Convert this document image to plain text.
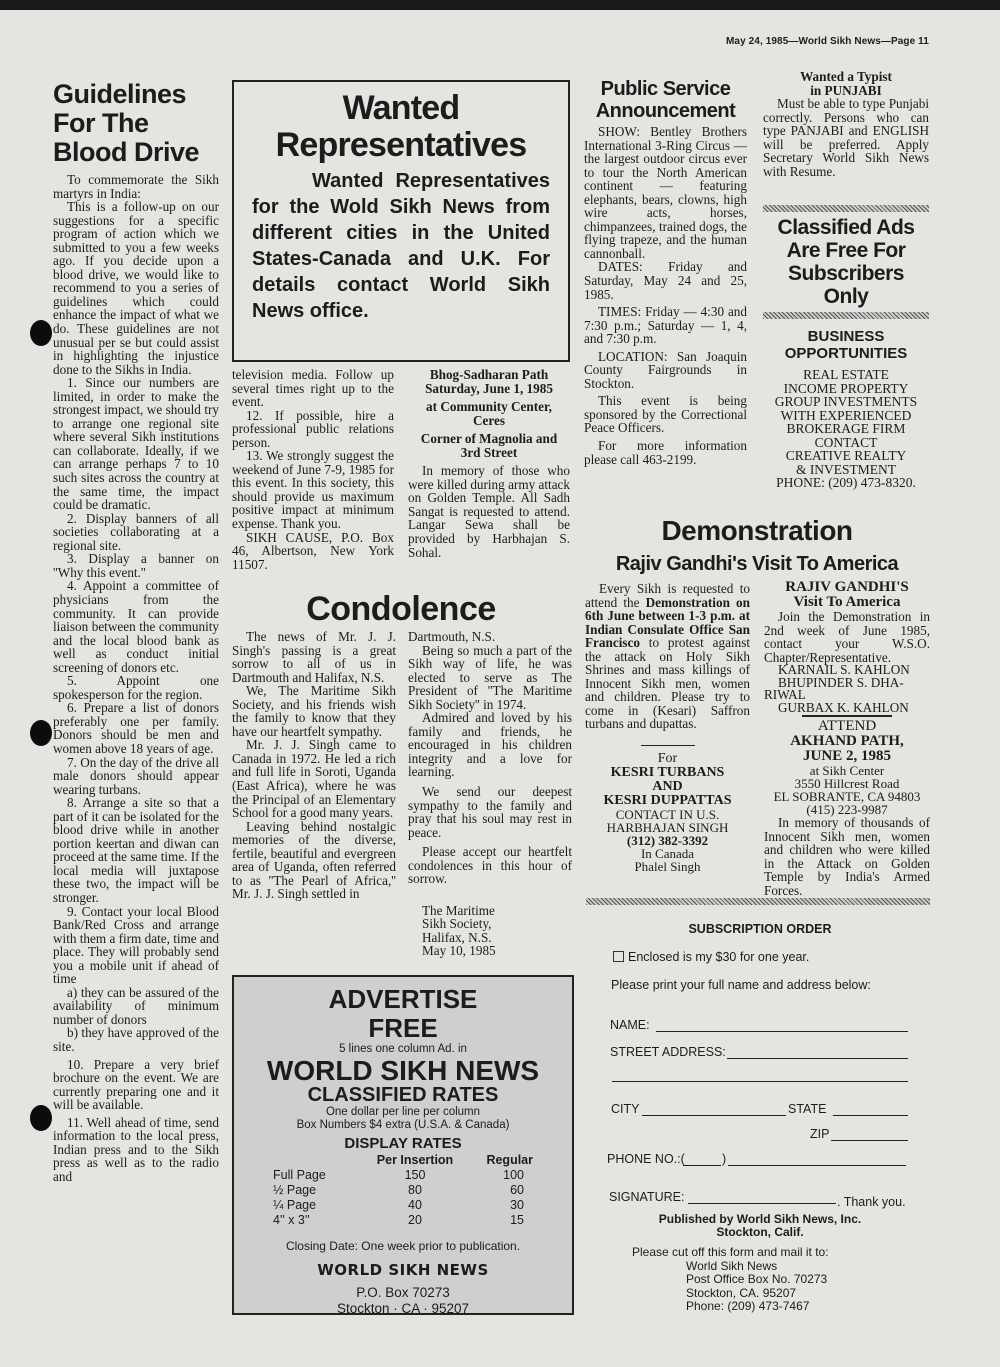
May 24, 1985—World Sikh News—Page 11
Guidelines
For The
Blood Drive

To commemorate the Sikh martyrs in India:

This is a follow-up on our suggestions for a specific program of action which we submitted to you a few weeks ago. If you decide upon a blood drive, we would like to recommend to you a series of guidelines which could enhance the impact of what we do. These guidelines are not unusual per se but could assist in highlighting the injustice done to the Sikhs in India.

1. Since our numbers are limited, in order to make the strongest impact, we should try to arrange one regional site where several Sikh institutions can collaborate. Ideally, if we can arrange perhaps 7 to 10 such sites across the country at the same time, the impact could be dramatic.

2. Display banners of all societies collaborating at a regional site.

3. Display a banner on ''Why this event.''

4. Appoint a committee of physicians from the community. It can provide liaison between the community and the local blood bank as well as conduct initial screening of donors etc.

5. Appoint one spokesperson for the region.

6. Prepare a list of donors preferably one per family. Donors should be men and women above 18 years of age.

7. On the day of the drive all male donors should appear wearing turbans.

8. Arrange a site so that a part of it can be isolated for the blood drive while in another portion keertan and diwan can proceed at the same time. If the local media will juxtapose these two, the impact will be stronger.

9. Contact your local Blood Bank/Red Cross and arrange with them a firm date, time and place. They will probably send you a mobile unit if ahead of time

a) they can be assured of the availability of minimum number of donors

b) they have approved of the site.

10. Prepare a very brief brochure on the event. We are currently preparing one and it will be available.

11. Well ahead of time, send information to the local press, Indian press and to the Sikh press as well as to the radio and

Wanted
Representatives
Wanted Representatives for the Wold Sikh News from different cities in the United States-Canada and U.K. For details contact World Sikh News office.

television media. Follow up several times right up to the event.

12. If possible, hire a professional public relations person.

13. We strongly suggest the weekend of June 7-9, 1985 for this event. In this society, this should provide us maximum positive impact at minimum expense. Thank you.

SIKH CAUSE, P.O. Box 46, Albertson, New York 11507.

Bhog-Sadharan Path
Saturday, June 1, 1985
at Community Center,
Ceres
Corner of Magnolia and
3rd Street

In memory of those who were killed during army attack on Golden Temple. All Sadh Sangat is requested to attend. Langar Sewa shall be provided by Harbhajan S. Sohal.

Condolence

The news of Mr. J. J. Singh's passing is a great sorrow to all of us in Dartmouth and Halifax, N.S.

We, The Maritime Sikh Society, and his friends wish the family to know that they have our heartfelt sympathy.

Mr. J. J. Singh came to Canada in 1972. He led a rich and full life in Soroti, Uganda (East Africa), where he was the Principal of an Elementary School for a good many years.

Leaving behind nostalgic memories of the diverse, fertile, beautiful and evergreen area of Uganda, often referred to as ''The Pearl of Africa,'' Mr. J. J. Singh settled in

Dartmouth, N.S.

Being so much a part of the Sikh way of life, he was elected to serve as The President of ''The Maritime Sikh Society'' in 1974.

Admired and loved by his family and friends, he encouraged in his children integrity and a love for learning.

We send our deepest sympathy to the family and pray that his soul may rest in peace.

Please accept our heartfelt condolences in this hour of sorrow.

The Maritime
Sikh Society,
Halifax, N.S.
May 10, 1985
ADVERTISE
FREE
5 lines one column Ad. in
WORLD SIKH NEWS
CLASSIFIED RATES
One dollar per line per column
Box Numbers $4 extra (U.S.A. & Canada)
DISPLAY RATES
	Per Insertion	Regular
Full Page	150	100
½ Page	80	60
¼ Page	40	30
4'' x 3''	20	15
Closing Date: One week prior to publication.
WORLD SIKH NEWS
P.O. Box 70273
Stockton · CA · 95207
Public Service
Announcement

SHOW: Bentley Brothers International 3-Ring Circus — the largest outdoor circus ever to tour the North American continent — featuring elephants, bears, clowns, high wire acts, horses, chimpanzees, trained dogs, the flying trapeze, and the human cannonball.

DATES: Friday and Saturday, May 24 and 25, 1985.

TIMES: Friday — 4:30 and 7:30 p.m.; Saturday — 1, 4, and 7:30 p.m.

LOCATION: San Joaquin County Fairgrounds in Stockton.

This event is being sponsored by the Correctional Peace Officers.

For more information please call 463-2199.

Wanted a Typist
in PUNJABI

Must be able to type Punjabi correctly. Persons who can type PANJABI and ENGLISH will be preferred. Apply Secretary World Sikh News with Resume.

Classified Ads
Are Free For
Subscribers
Only
BUSINESS
OPPORTUNITIES
REAL ESTATE
INCOME PROPERTY
GROUP INVESTMENTS
WITH EXPERIENCED
BROKERAGE FIRM
CONTACT
CREATIVE REALTY
& INVESTMENT
PHONE: (209) 473-8320.
Demonstration
Rajiv Gandhi's Visit To America

Every Sikh is requested to attend the Demonstration on 6th June between 1-3 p.m. at Indian Consulate Office San Francisco to protest against the attack on Holy Sikh Shrines and mass killings of Innocent Sikh men, women and children. Please try to come in (Kesari) Saffron turbans and dupattas.

For
KESRI TURBANS
AND
KESRI DUPPATTAS
CONTACT IN U.S.
HARBHAJAN SINGH
(312) 382-3392
In Canada
Phalel Singh
RAJIV GANDHI'S
Visit To America

Join the Demonstration in 2nd week of June 1985, contact your W.S.O. Chapter/Representative.

KARNAIL S. KAHLON
BHUPINDER S. DHA-
RIWAL
GURBAX K. KAHLON
ATTEND
AKHAND PATH,
JUNE 2, 1985
at Sikh Center
3550 Hillcrest Road
EL SOBRANTE, CA 94803
(415) 223-9987

In memory of thousands of Innocent Sikh men, women and children who were killed in the Attack on Golden Temple by India's Armed Forces.

SUBSCRIPTION ORDER
Enclosed is my $30 for one year.
Please print your full name and address below:
NAME:
STREET ADDRESS:
CITY	STATE
ZIP
PHONE NO.:(	)
SIGNATURE:	. Thank you.
Published by World Sikh News, Inc.
Stockton, Calif.
Please cut off this form and mail it to:
World Sikh News
Post Office Box No. 70273
Stockton, CA. 95207
Phone: (209) 473-7467
